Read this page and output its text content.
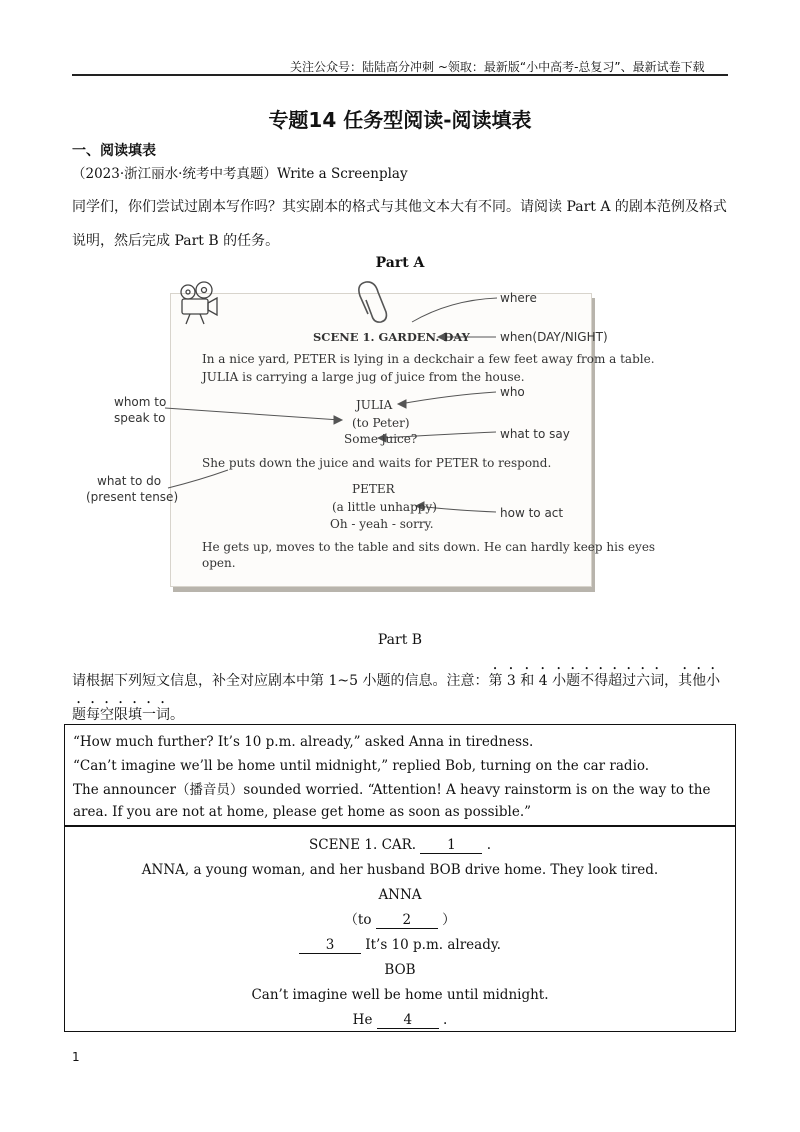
关注公众号：陆陆高分冲刺 ~领取：最新版“小中高考-总复习”、最新试卷下载
专题14 任务型阅读-阅读填表
一、阅读填表
（2023·浙江丽水·统考中考真题）Write a Screenplay
同学们，你们尝试过剧本写作吗？其实剧本的格式与其他文本大有不同。请阅读 Part A 的剧本范例及格式说明，然后完成 Part B 的任务。
Part A
SCENE 1. GARDEN. DAY
In a nice yard, PETER is lying in a deckchair a few feet away from a table.
JULIA is carrying a large jug of juice from the house.
JULIA
(to Peter)
Some juice?
She puts down the juice and waits for PETER to respond.
PETER
(a little unhappy)
Oh - yeah - sorry.
He gets up, moves to the table and sits down. He can hardly keep his eyes
open.
where
when(DAY/NIGHT)
who
whom to
speak to
what to say
what to do
(present tense)
how to act
Part B
请根据下列短文信息，补全对应剧本中第 1~5 小题的信息。注意：第 3 和 4 小题不得超过六词，其他小题每空限填一词。

“How much further? It’s 10 p.m. already,” asked Anna in tiredness.

“Can’t imagine we’ll be home until midnight,” replied Bob, turning on the car radio.

The announcer（播音员）sounded worried. “Attention! A heavy rainstorm is on the way to the area. If you are not at home, please get home as soon as possible.”

SCENE 1. CAR. 1 .
ANNA, a young woman, and her husband BOB drive home. They look tired.
ANNA
（to 2 ）
3 It’s 10 p.m. already.
BOB
Can’t imagine well be home until midnight.
He 4 .
1
